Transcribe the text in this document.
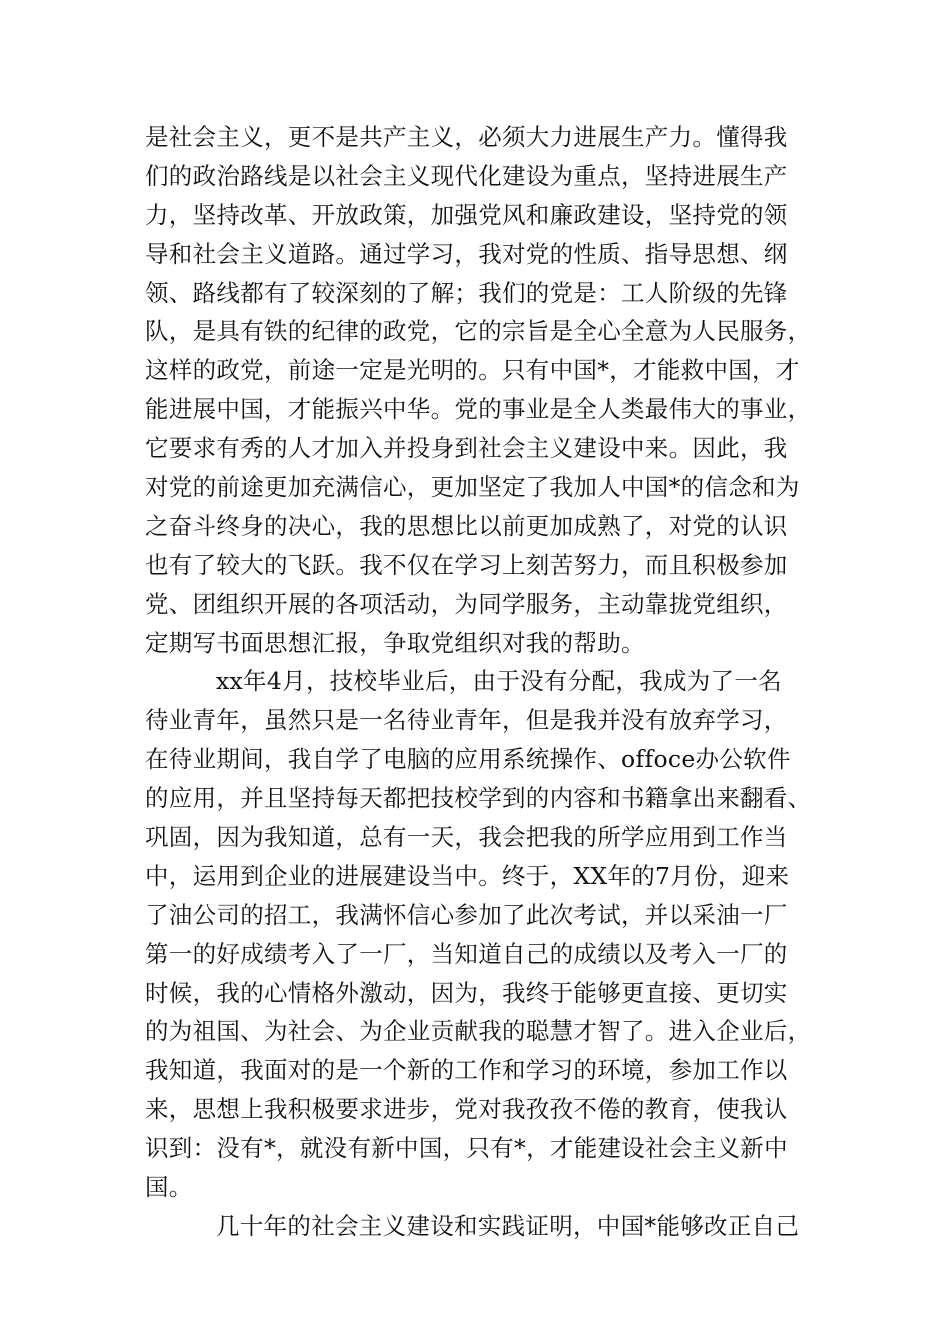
是社会主义，更不是共产主义，必须大力进展生产力。懂得我
们的政治路线是以社会主义现代化建设为重点，坚持进展生产
力，坚持改革、开放政策，加强党风和廉政建设，坚持党的领
导和社会主义道路。通过学习，我对党的性质、指导思想、纲
领、路线都有了较深刻的了解；我们的党是：工人阶级的先锋
队，是具有铁的纪律的政党，它的宗旨是全心全意为人民服务，
这样的政党，前途一定是光明的。只有中国*，才能救中国，才
能进展中国，才能振兴中华。党的事业是全人类最伟大的事业，
它要求有秀的人才加入并投身到社会主义建设中来。因此，我
对党的前途更加充满信心，更加坚定了我加人中国*的信念和为
之奋斗终身的决心，我的思想比以前更加成熟了，对党的认识
也有了较大的飞跃。我不仅在学习上刻苦努力，而且积极参加
党、团组织开展的各项活动，为同学服务，主动靠拢党组织，
定期写书面思想汇报，争取党组织对我的帮助。
xx年4月，技校毕业后，由于没有分配，我成为了一名
待业青年，虽然只是一名待业青年，但是我并没有放弃学习，
在待业期间，我自学了电脑的应用系统操作、offoce办公软件
的应用，并且坚持每天都把技校学到的内容和书籍拿出来翻看、
巩固，因为我知道，总有一天，我会把我的所学应用到工作当
中，运用到企业的进展建设当中。终于，XX年的7月份，迎来
了油公司的招工，我满怀信心参加了此次考试，并以采油一厂
第一的好成绩考入了一厂，当知道自己的成绩以及考入一厂的
时候，我的心情格外激动，因为，我终于能够更直接、更切实
的为祖国、为社会、为企业贡献我的聪慧才智了。进入企业后，
我知道，我面对的是一个新的工作和学习的环境，参加工作以
来，思想上我积极要求进步，党对我孜孜不倦的教育，使我认
识到：没有*，就没有新中国，只有*，才能建设社会主义新中
国。
几十年的社会主义建设和实践证明，中国*能够改正自己
